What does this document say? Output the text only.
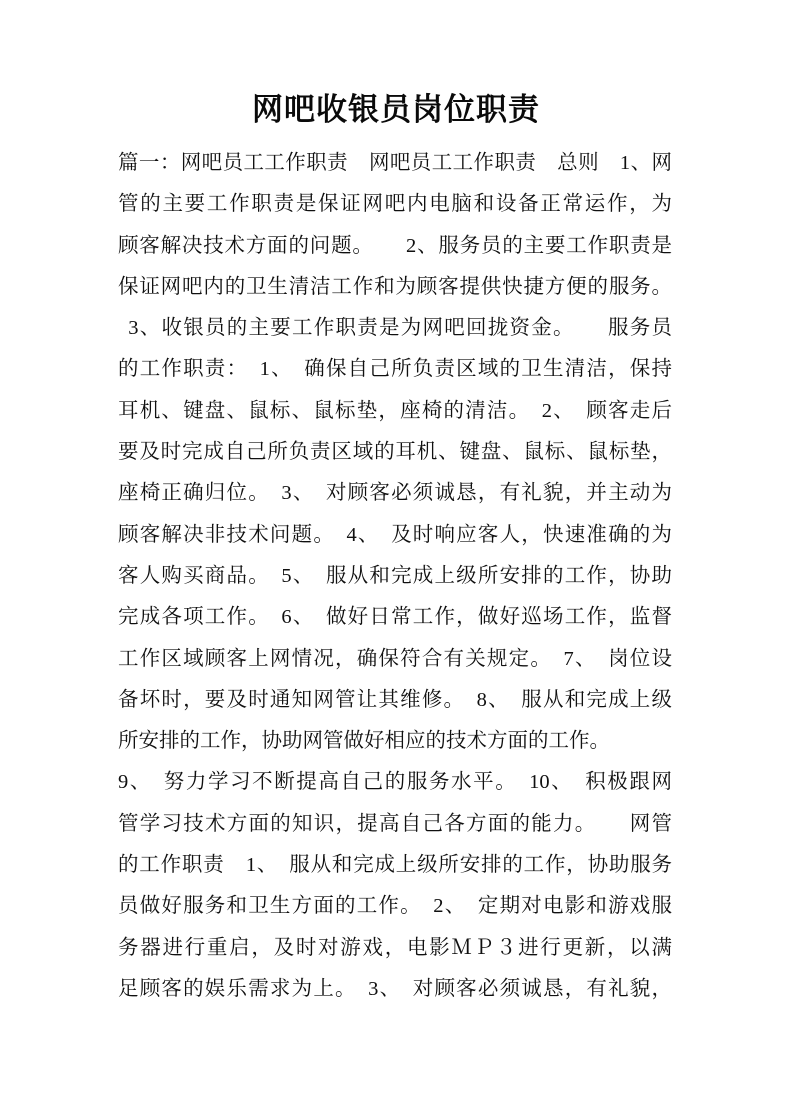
网吧收银员岗位职责
篇一：网吧员工工作职责　网吧员工工作职责　总则　1、网
管的主要工作职责是保证网吧内电脑和设备正常运作，为
顾客解决技术方面的问题。　　2、服务员的主要工作职责是
保证网吧内的卫生清洁工作和为顾客提供快捷方便的服务。
 3、收银员的主要工作职责是为网吧回拢资金。　　服务员
的工作职责：　1、　确保自己所负责区域的卫生清洁，保持
耳机、键盘、鼠标、鼠标垫，座椅的清洁。　2、　顾客走后
要及时完成自己所负责区域的耳机、键盘、鼠标、鼠标垫，
座椅正确归位。　3、　对顾客必须诚恳，有礼貌，并主动为
顾客解决非技术问题。　4、　及时响应客人，快速准确的为
客人购买商品。　5、　服从和完成上级所安排的工作，协助
完成各项工作。　6、　做好日常工作，做好巡场工作，监督
工作区域顾客上网情况，确保符合有关规定。　7、　岗位设
备坏时，要及时通知网管让其维修。　8、　服从和完成上级
所安排的工作，协助网管做好相应的技术方面的工作。
9、　努力学习不断提高自己的服务水平。　10、　积极跟网
管学习技术方面的知识，提高自己各方面的能力。　　网管
的工作职责　1、　服从和完成上级所安排的工作，协助服务
员做好服务和卫生方面的工作。　2、　定期对电影和游戏服
务器进行重启，及时对游戏，电影ＭＰ３进行更新，以满
足顾客的娱乐需求为上。　3、　对顾客必须诚恳，有礼貌，
